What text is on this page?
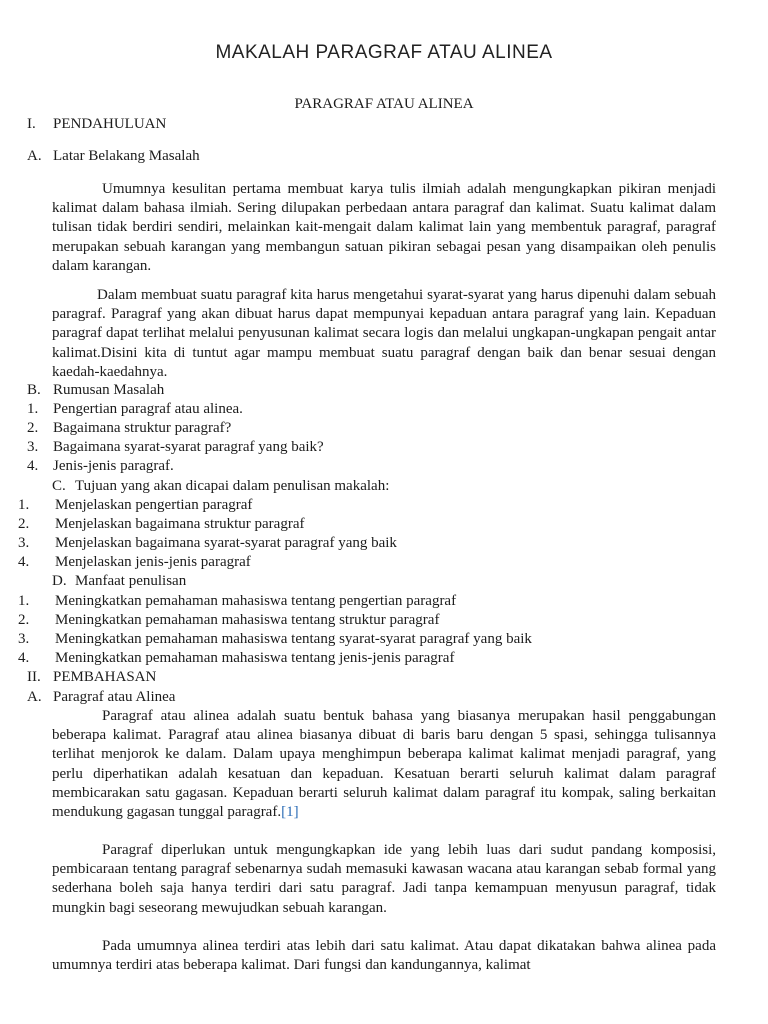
MAKALAH PARAGRAF ATAU ALINEA
PARAGRAF ATAU ALINEA
I. PENDAHULUAN
A. Latar Belakang Masalah
Umumnya kesulitan pertama membuat karya tulis ilmiah adalah mengungkapkan pikiran menjadi kalimat dalam bahasa ilmiah. Sering dilupakan perbedaan antara paragraf dan kalimat. Suatu kalimat dalam tulisan tidak berdiri sendiri, melainkan kait-mengait dalam kalimat lain yang membentuk paragraf, paragraf merupakan sebuah karangan yang membangun satuan pikiran sebagai pesan yang disampaikan oleh penulis dalam karangan.
Dalam membuat suatu paragraf kita harus mengetahui syarat-syarat yang harus dipenuhi dalam sebuah paragraf. Paragraf yang akan dibuat harus dapat mempunyai kepaduan antara paragraf yang lain. Kepaduan paragraf dapat terlihat melalui penyusunan kalimat secara logis dan melalui ungkapan-ungkapan pengait antar kalimat.Disini kita di tuntut agar mampu membuat suatu paragraf dengan baik dan benar sesuai dengan kaedah-kaedahnya.
B. Rumusan Masalah
1. Pengertian paragraf atau alinea.
2. Bagaimana struktur paragraf?
3. Bagaimana syarat-syarat paragraf yang baik?
4. Jenis-jenis paragraf.
C. Tujuan yang akan dicapai dalam penulisan makalah:
1. Menjelaskan pengertian paragraf
2. Menjelaskan bagaimana struktur paragraf
3. Menjelaskan bagaimana syarat-syarat paragraf yang baik
4. Menjelaskan jenis-jenis paragraf
D. Manfaat penulisan
1. Meningkatkan pemahaman mahasiswa tentang pengertian paragraf
2. Meningkatkan pemahaman mahasiswa tentang struktur paragraf
3. Meningkatkan pemahaman mahasiswa tentang syarat-syarat paragraf yang baik
4. Meningkatkan pemahaman mahasiswa tentang jenis-jenis paragraf
II. PEMBAHASAN
A. Paragraf atau Alinea
Paragraf atau alinea adalah suatu bentuk bahasa yang biasanya merupakan hasil penggabungan beberapa kalimat. Paragraf atau alinea biasanya dibuat di baris baru dengan 5 spasi, sehingga tulisannya terlihat menjorok ke dalam. Dalam upaya menghimpun beberapa kalimat kalimat menjadi paragraf, yang perlu diperhatikan adalah kesatuan dan kepaduan. Kesatuan berarti seluruh kalimat dalam paragraf membicarakan satu gagasan. Kepaduan berarti seluruh kalimat dalam paragraf itu kompak, saling berkaitan mendukung gagasan tunggal paragraf.[1]
Paragraf diperlukan untuk mengungkapkan ide yang lebih luas dari sudut pandang komposisi, pembicaraan tentang paragraf sebenarnya sudah memasuki kawasan wacana atau karangan sebab formal yang sederhana boleh saja hanya terdiri dari satu paragraf. Jadi tanpa kemampuan menyusun paragraf, tidak mungkin bagi seseorang mewujudkan sebuah karangan.
Pada umumnya alinea terdiri atas lebih dari satu kalimat. Atau dapat dikatakan bahwa alinea pada umumnya terdiri atas beberapa kalimat. Dari fungsi dan kandungannya, kalimat
